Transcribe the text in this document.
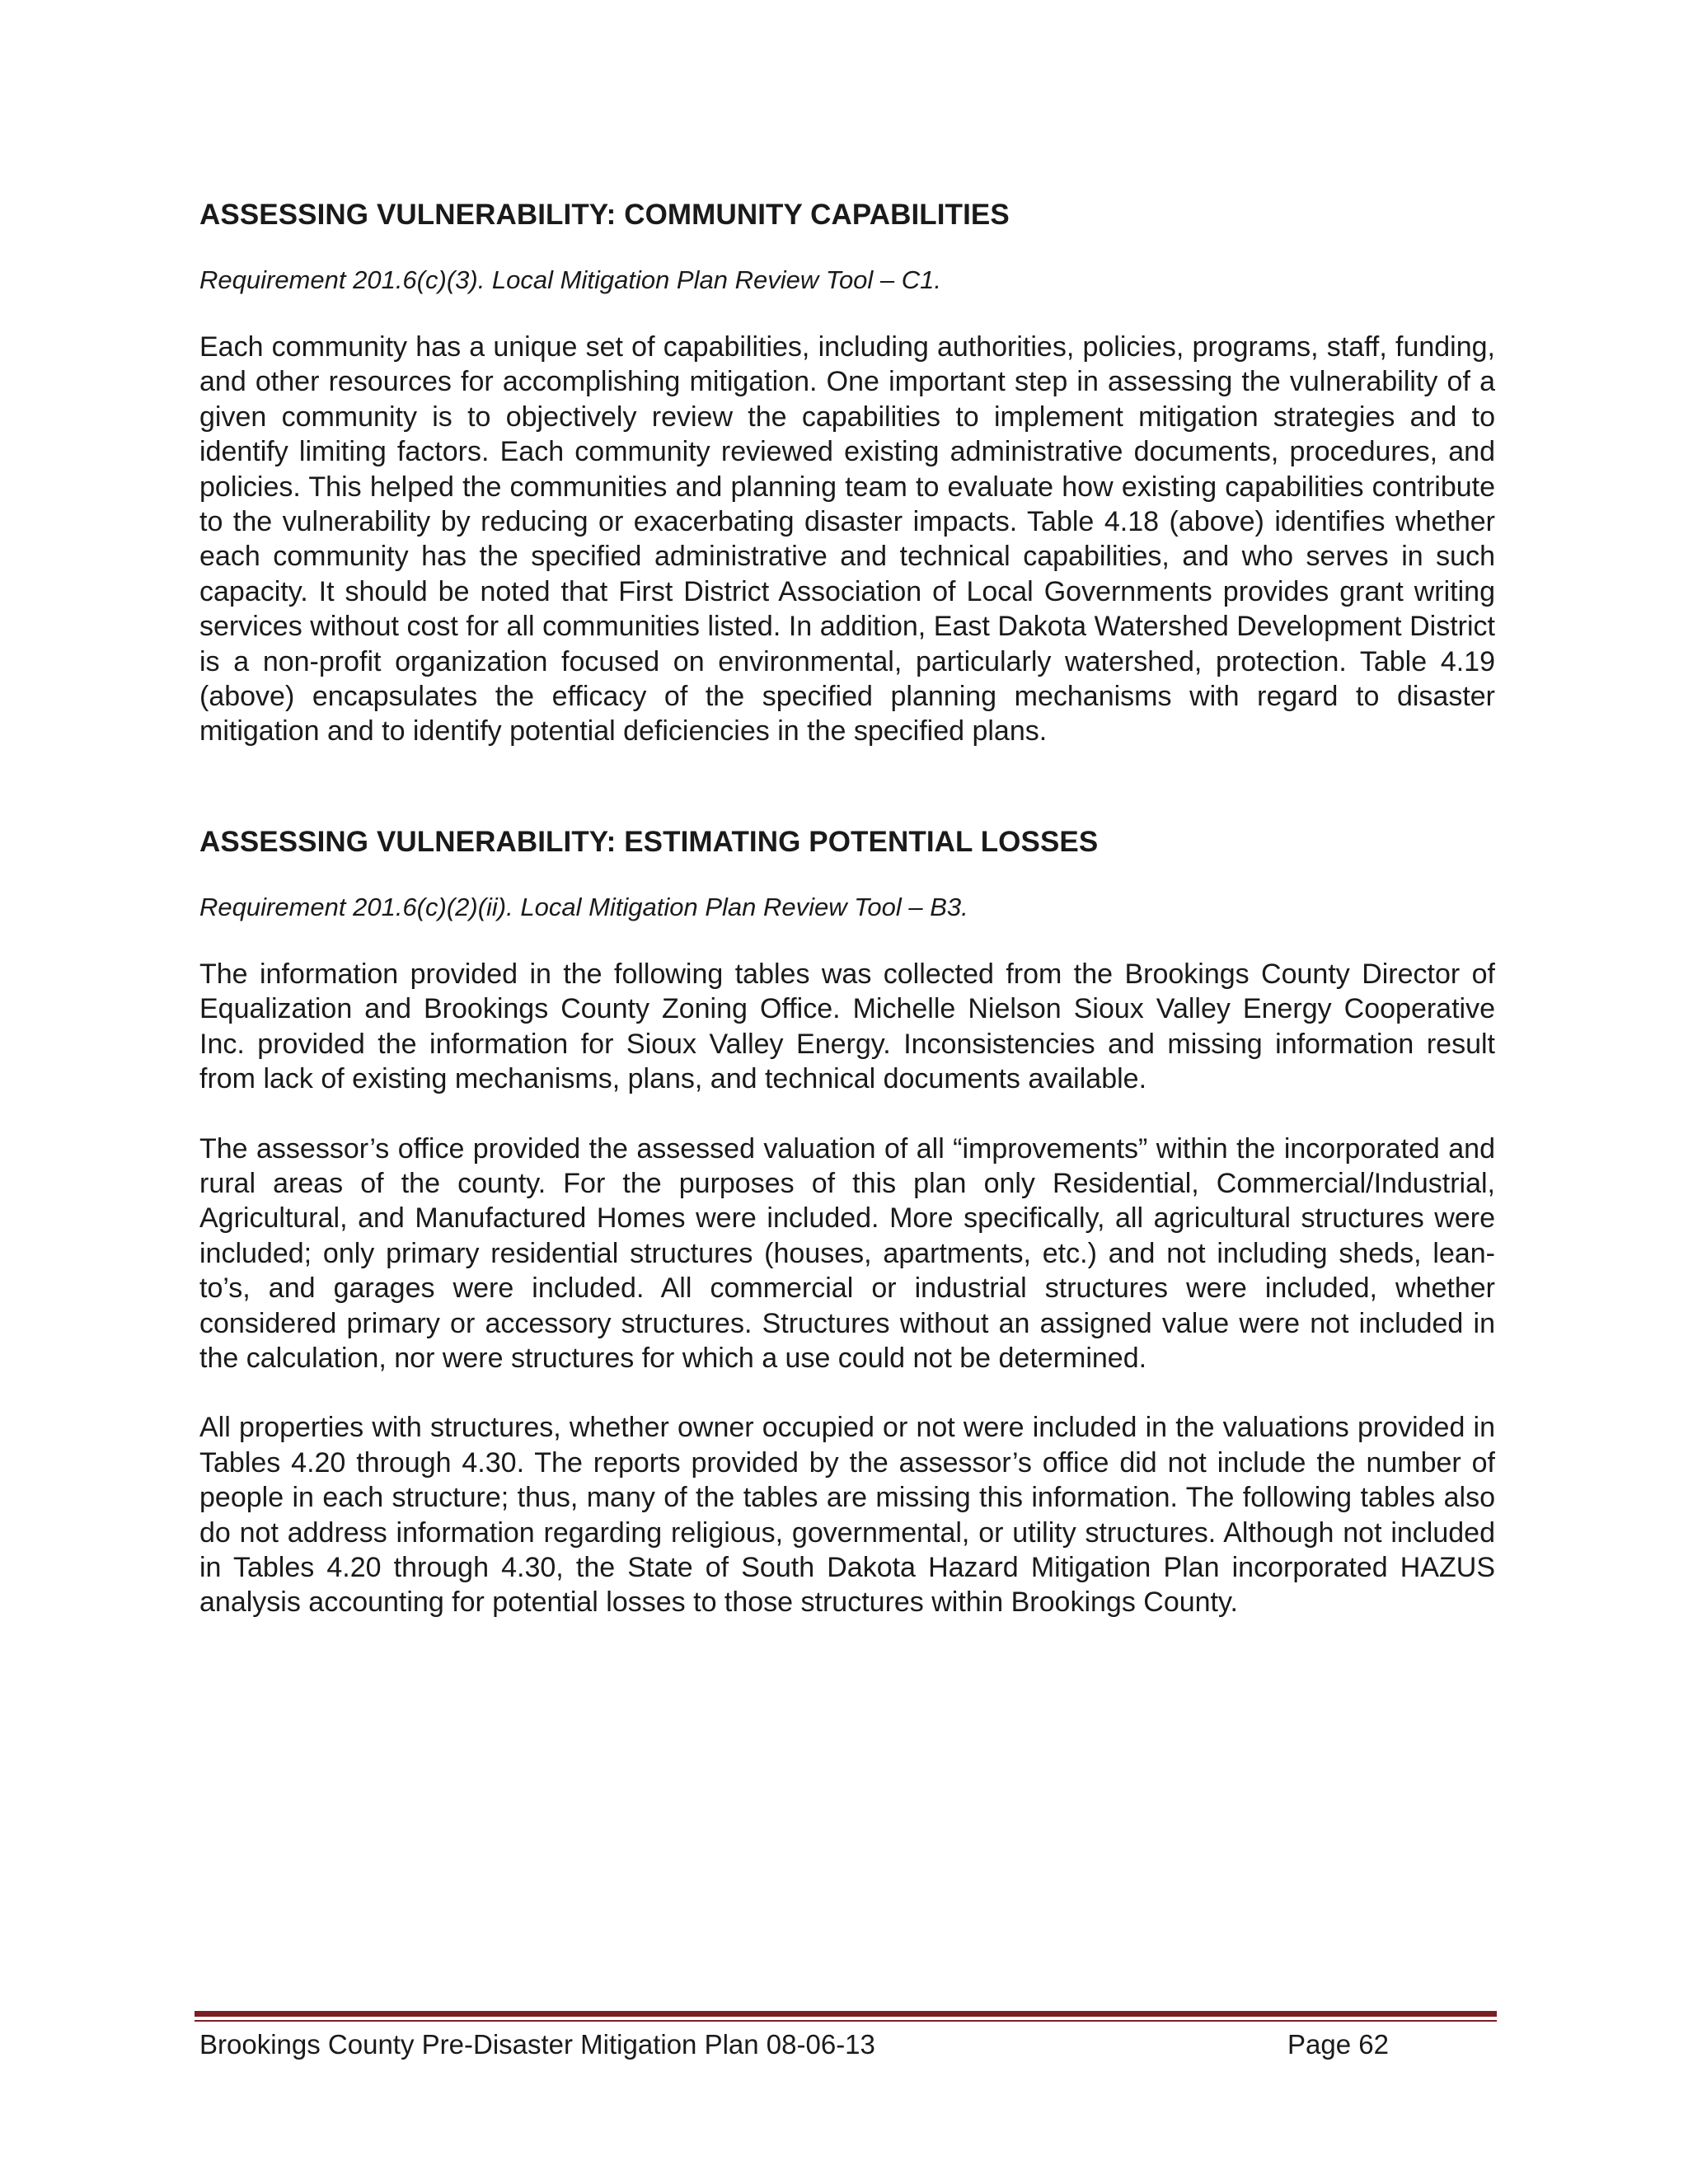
ASSESSING VULNERABILITY: COMMUNITY CAPABILITIES

Requirement 201.6(c)(3). Local Mitigation Plan Review Tool – C1.

Each community has a unique set of capabilities, including authorities, policies, programs, staff, funding, and other resources for accomplishing mitigation. One important step in assessing the vulnerability of a given community is to objectively review the capabilities to implement mitigation strategies and to identify limiting factors. Each community reviewed existing administrative documents, procedures, and policies. This helped the communities and planning team to evaluate how existing capabilities contribute to the vulnerability by reducing or exacerbating disaster impacts. Table 4.18 (above) identifies whether each community has the specified administrative and technical capabilities, and who serves in such capacity. It should be noted that First District Association of Local Governments provides grant writing services without cost for all communities listed. In addition, East Dakota Watershed Development District is a non-profit organization focused on environmental, particularly watershed, protection. Table 4.19 (above) encapsulates the efficacy of the specified planning mechanisms with regard to disaster mitigation and to identify potential deficiencies in the specified plans.

ASSESSING VULNERABILITY: ESTIMATING POTENTIAL LOSSES

Requirement 201.6(c)(2)(ii). Local Mitigation Plan Review Tool – B3.

The information provided in the following tables was collected from the Brookings County Director of Equalization and Brookings County Zoning Office. Michelle Nielson Sioux Valley Energy Cooperative Inc. provided the information for Sioux Valley Energy. Inconsistencies and missing information result from lack of existing mechanisms, plans, and technical documents available.

The assessor’s office provided the assessed valuation of all “improvements” within the incorporated and rural areas of the county. For the purposes of this plan only Residential, Commercial/Industrial, Agricultural, and Manufactured Homes were included. More specifically, all agricultural structures were included; only primary residential structures (houses, apartments, etc.) and not including sheds, lean-to’s, and garages were included. All commercial or industrial structures were included, whether considered primary or accessory structures. Structures without an assigned value were not included in the calculation, nor were structures for which a use could not be determined.

All properties with structures, whether owner occupied or not were included in the valuations provided in Tables 4.20 through 4.30. The reports provided by the assessor’s office did not include the number of people in each structure; thus, many of the tables are missing this information. The following tables also do not address information regarding religious, governmental, or utility structures. Although not included in Tables 4.20 through 4.30, the State of South Dakota Hazard Mitigation Plan incorporated HAZUS analysis accounting for potential losses to those structures within Brookings County.

Brookings County Pre-Disaster Mitigation Plan 08-06-13	Page 62
